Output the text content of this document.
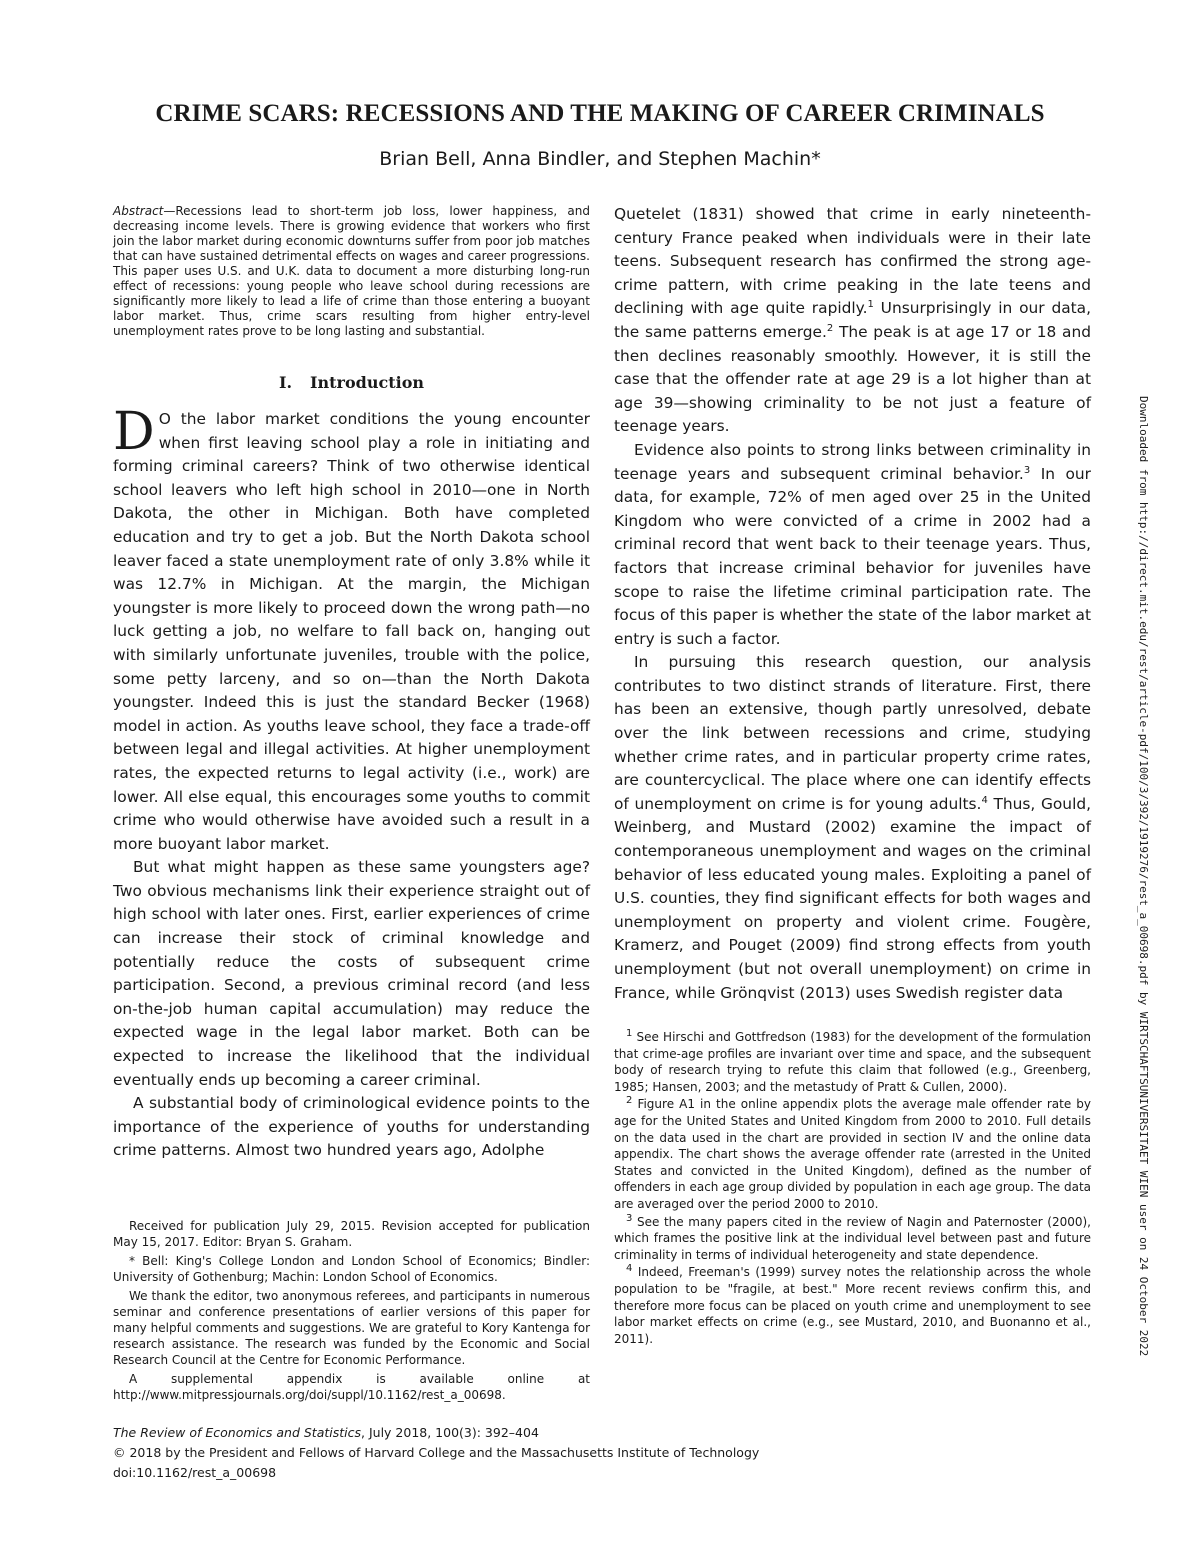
CRIME SCARS: RECESSIONS AND THE MAKING OF CAREER CRIMINALS
Brian Bell, Anna Bindler, and Stephen Machin*

Abstract—Recessions lead to short-term job loss, lower happiness, and decreasing income levels. There is growing evidence that workers who first join the labor market during economic downturns suffer from poor job matches that can have sustained detrimental effects on wages and career progressions. This paper uses U.S. and U.K. data to document a more disturbing long-run effect of recessions: young people who leave school during recessions are significantly more likely to lead a life of crime than those entering a buoyant labor market. Thus, crime scars resulting from higher entry-level unemployment rates prove to be long lasting and substantial.

I. Introduction

D O the labor market conditions the young encounter when first leaving school play a role in initiating and forming criminal careers? Think of two otherwise identical school leavers who left high school in 2010—one in North Dakota, the other in Michigan. Both have completed education and try to get a job. But the North Dakota school leaver faced a state unemployment rate of only 3.8% while it was 12.7% in Michigan. At the margin, the Michigan youngster is more likely to proceed down the wrong path—no luck getting a job, no welfare to fall back on, hanging out with similarly unfortunate juveniles, trouble with the police, some petty larceny, and so on—than the North Dakota youngster. Indeed this is just the standard Becker (1968) model in action. As youths leave school, they face a trade-off between legal and illegal activities. At higher unemployment rates, the expected returns to legal activity (i.e., work) are lower. All else equal, this encourages some youths to commit crime who would otherwise have avoided such a result in a more buoyant labor market.

But what might happen as these same youngsters age? Two obvious mechanisms link their experience straight out of high school with later ones. First, earlier experiences of crime can increase their stock of criminal knowledge and potentially reduce the costs of subsequent crime participation. Second, a previous criminal record (and less on-the-job human capital accumulation) may reduce the expected wage in the legal labor market. Both can be expected to increase the likelihood that the individual eventually ends up becoming a career criminal.

A substantial body of criminological evidence points to the importance of the experience of youths for understanding crime patterns. Almost two hundred years ago, Adolphe

Received for publication July 29, 2015. Revision accepted for publication May 15, 2017. Editor: Bryan S. Graham.

* Bell: King's College London and London School of Economics; Bindler: University of Gothenburg; Machin: London School of Economics.

We thank the editor, two anonymous referees, and participants in numerous seminar and conference presentations of earlier versions of this paper for many helpful comments and suggestions. We are grateful to Kory Kantenga for research assistance. The research was funded by the Economic and Social Research Council at the Centre for Economic Performance.

A supplemental appendix is available online at http://www.mitpressjournals.org/doi/suppl/10.1162/rest_a_00698.

Quetelet (1831) showed that crime in early nineteenth-century France peaked when individuals were in their late teens. Subsequent research has confirmed the strong age-crime pattern, with crime peaking in the late teens and declining with age quite rapidly.$^1$ Unsurprisingly in our data, the same patterns emerge.$^2$ The peak is at age 17 or 18 and then declines reasonably smoothly. However, it is still the case that the offender rate at age 29 is a lot higher than at age 39—showing criminality to be not just a feature of teenage years.

Evidence also points to strong links between criminality in teenage years and subsequent criminal behavior.$^3$ In our data, for example, 72% of men aged over 25 in the United Kingdom who were convicted of a crime in 2002 had a criminal record that went back to their teenage years. Thus, factors that increase criminal behavior for juveniles have scope to raise the lifetime criminal participation rate. The focus of this paper is whether the state of the labor market at entry is such a factor.

In pursuing this research question, our analysis contributes to two distinct strands of literature. First, there has been an extensive, though partly unresolved, debate over the link between recessions and crime, studying whether crime rates, and in particular property crime rates, are countercyclical. The place where one can identify effects of unemployment on crime is for young adults.$^4$ Thus, Gould, Weinberg, and Mustard (2002) examine the impact of contemporaneous unemployment and wages on the criminal behavior of less educated young males. Exploiting a panel of U.S. counties, they find significant effects for both wages and unemployment on property and violent crime. Fougère, Kramerz, and Pouget (2009) find strong effects from youth unemployment (but not overall unemployment) on crime in France, while Grönqvist (2013) uses Swedish register data

$^1$ See Hirschi and Gottfredson (1983) for the development of the formulation that crime-age profiles are invariant over time and space, and the subsequent body of research trying to refute this claim that followed (e.g., Greenberg, 1985; Hansen, 2003; and the metastudy of Pratt & Cullen, 2000).

$^2$ Figure A1 in the online appendix plots the average male offender rate by age for the United States and United Kingdom from 2000 to 2010. Full details on the data used in the chart are provided in section IV and the online data appendix. The chart shows the average offender rate (arrested in the United States and convicted in the United Kingdom), defined as the number of offenders in each age group divided by population in each age group. The data are averaged over the period 2000 to 2010.

$^3$ See the many papers cited in the review of Nagin and Paternoster (2000), which frames the positive link at the individual level between past and future criminality in terms of individual heterogeneity and state dependence.

$^4$ Indeed, Freeman's (1999) survey notes the relationship across the whole population to be "fragile, at best." More recent reviews confirm this, and therefore more focus can be placed on youth crime and unemployment to see labor market effects on crime (e.g., see Mustard, 2010, and Buonanno et al., 2011).

The Review of Economics and Statistics, July 2018, 100(3): 392–404
© 2018 by the President and Fellows of Harvard College and the Massachusetts Institute of Technology
doi:10.1162/rest_a_00698
Downloaded from http://direct.mit.edu/rest/article-pdf/100/3/392/1919276/rest_a_00698.pdf by WIRTSCHAFTSUNIVERSITAET WIEN user on 24 October 2022
